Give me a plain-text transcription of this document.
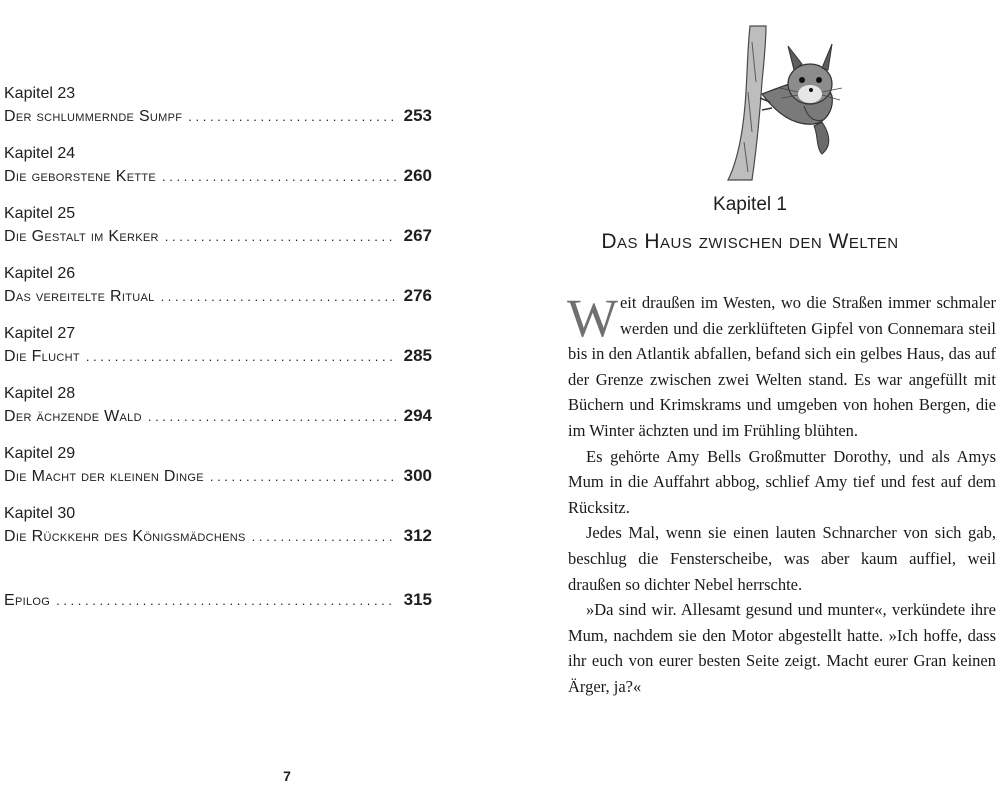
Kapitel 23
Der schlummernde Sumpf . . .	253
Kapitel 24
Die geborstene Kette . . .	260
Kapitel 25
Die Gestalt im Kerker . . .	267
Kapitel 26
Das vereitelte Ritual . . .	276
Kapitel 27
Die Flucht . . .	285
Kapitel 28
Der ächzende Wald . . .	294
Kapitel 29
Die Macht der kleinen Dinge . . .	300
Kapitel 30
Die Rückkehr des Königsmädchens . . .	312
Epilog . . .	315
Kapitel 1
Das Haus zwischen den Welten

Weit draußen im Westen, wo die Straßen immer schmaler werden und die zerklüfteten Gipfel von Connemara steil bis in den Atlantik abfallen, befand sich ein gelbes Haus, das auf der Grenze zwischen zwei Welten stand. Es war angefüllt mit Büchern und Krimskrams und umgeben von hohen Bergen, die im Winter ächzten und im Frühling blühten.

Es gehörte Amy Bells Großmutter Dorothy, und als Amys Mum in die Auffahrt abbog, schlief Amy tief und fest auf dem Rücksitz.

Jedes Mal, wenn sie einen lauten Schnarcher von sich gab, beschlug die Fensterscheibe, was aber kaum auffiel, weil draußen so dichter Nebel herrschte.

»Da sind wir. Allesamt gesund und munter«, verkündete ihre Mum, nachdem sie den Motor abgestellt hatte. »Ich hoffe, dass ihr euch von eurer besten Seite zeigt. Macht eurer Gran keinen Ärger, ja?«

7
